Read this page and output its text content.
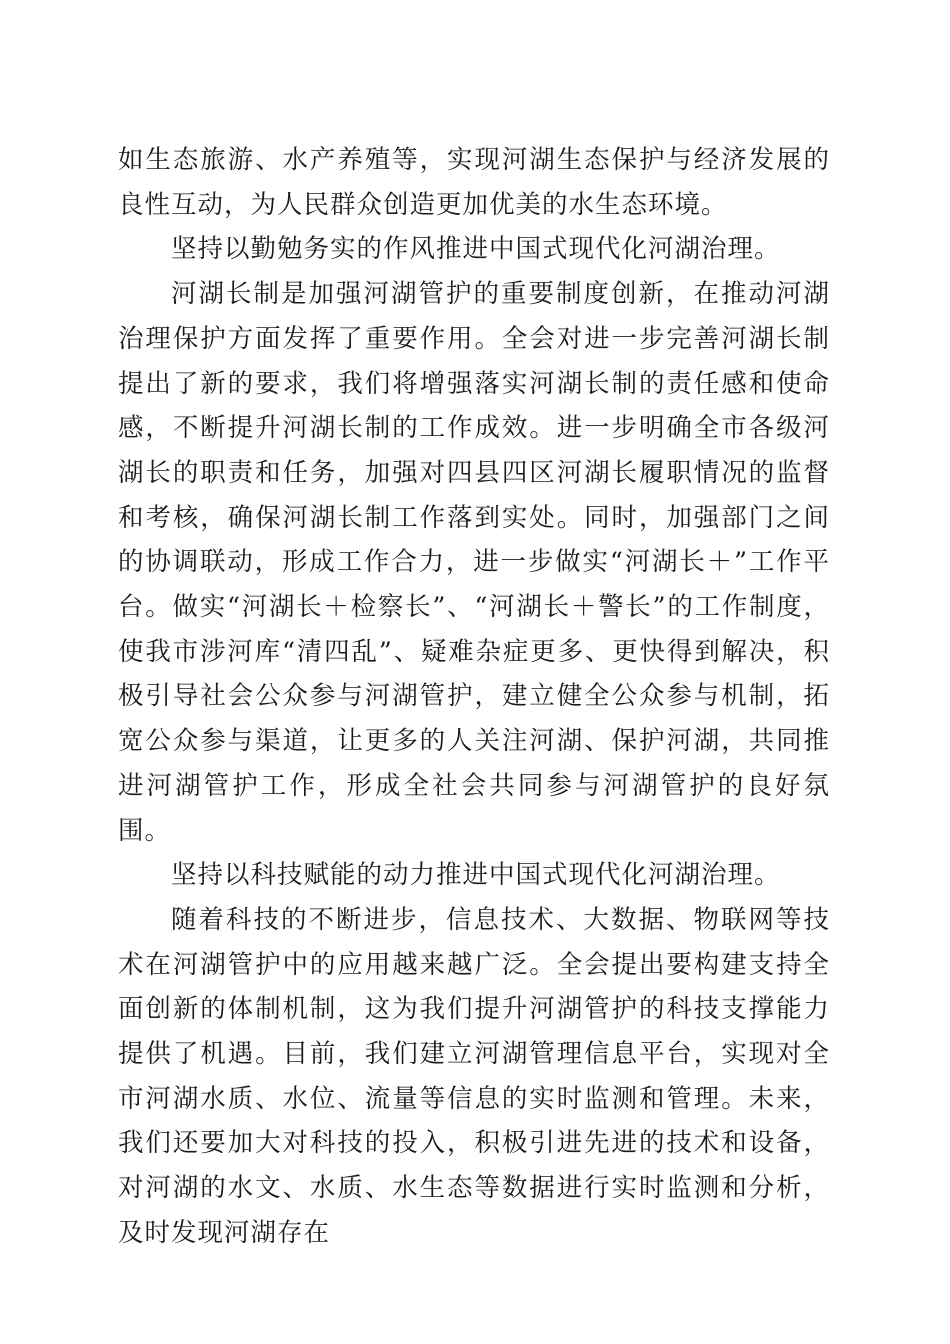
如生态旅游、水产养殖等，实现河湖生态保护与经济发展的良性互动，为人民群众创造更加优美的水生态环境。

坚持以勤勉务实的作风推进中国式现代化河湖治理。

河湖长制是加强河湖管护的重要制度创新，在推动河湖治理保护方面发挥了重要作用。全会对进一步完善河湖长制提出了新的要求，我们将增强落实河湖长制的责任感和使命感，不断提升河湖长制的工作成效。进一步明确全市各级河湖长的职责和任务，加强对四县四区河湖长履职情况的监督和考核，确保河湖长制工作落到实处。同时，加强部门之间的协调联动，形成工作合力，进一步做实“河湖长＋”工作平台。做实“河湖长＋检察长”、“河湖长＋警长”的工作制度，使我市涉河库“清四乱”、疑难杂症更多、更快得到解决，积极引导社会公众参与河湖管护，建立健全公众参与机制，拓宽公众参与渠道，让更多的人关注河湖、保护河湖，共同推进河湖管护工作，形成全社会共同参与河湖管护的良好氛围。

坚持以科技赋能的动力推进中国式现代化河湖治理。

随着科技的不断进步，信息技术、大数据、物联网等技术在河湖管护中的应用越来越广泛。全会提出要构建支持全面创新的体制机制，这为我们提升河湖管护的科技支撑能力提供了机遇。目前，我们建立河湖管理信息平台，实现对全市河湖水质、水位、流量等信息的实时监测和管理。未来，我们还要加大对科技的投入，积极引进先进的技术和设备，对河湖的水文、水质、水生态等数据进行实时监测和分析，及时发现河湖存在
